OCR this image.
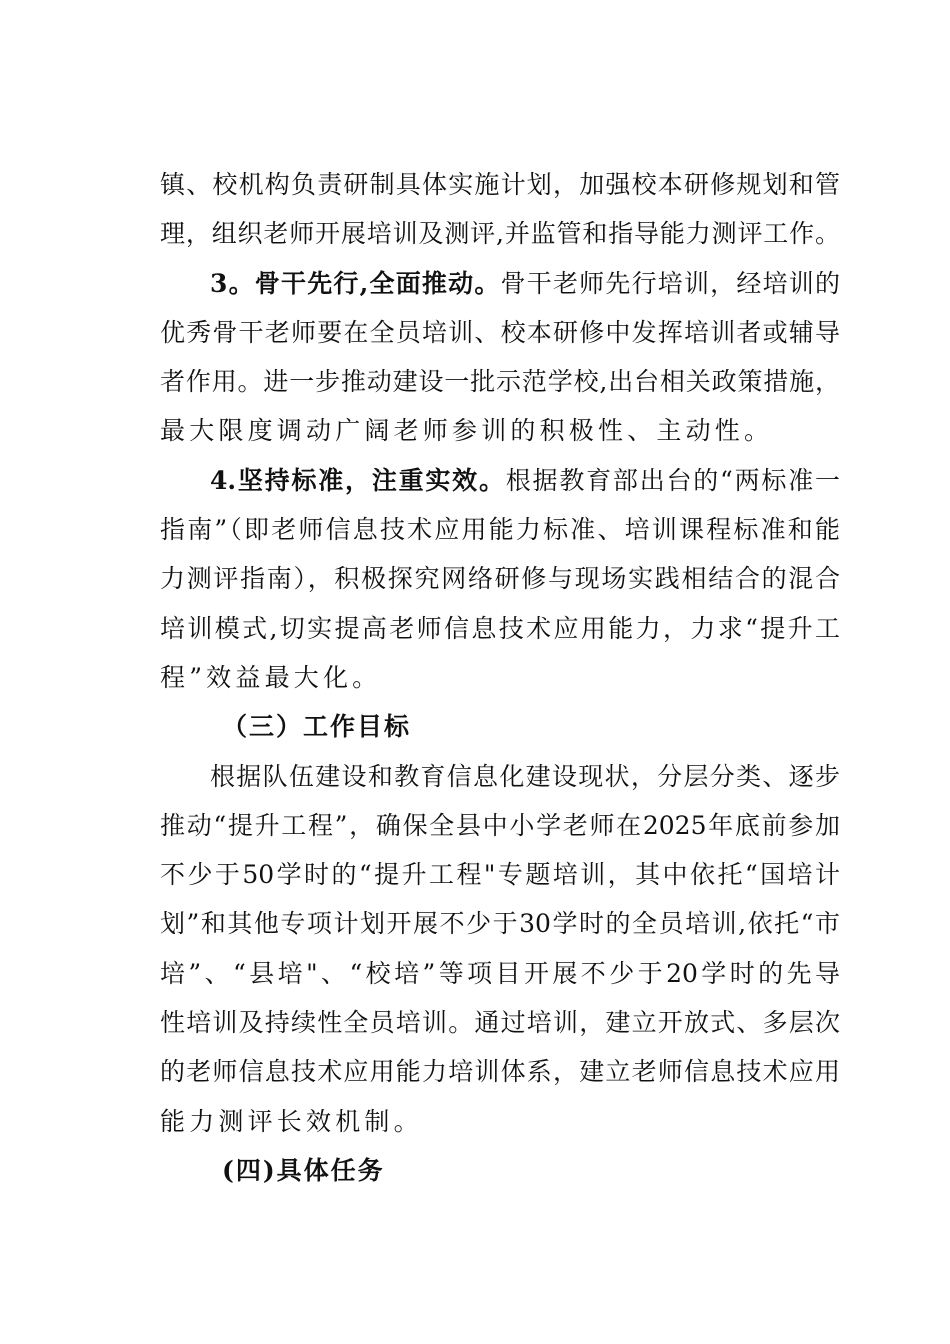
镇、校机构负责研制具体实施计划，加强校本研修规划和管
理，组织老师开展培训及测评,并监管和指导能力测评工作。
3。骨干先行,全面推动。骨干老师先行培训，经培训的
优秀骨干老师要在全员培训、校本研修中发挥培训者或辅导
者作用。进一步推动建设一批示范学校,出台相关政策措施，
最大限度调动广阔老师参训的积极性、主动性。
4.坚持标准，注重实效。根据教育部出台的“两标准一
指南”（即老师信息技术应用能力标准、培训课程标准和能
力测评指南），积极探究网络研修与现场实践相结合的混合
培训模式,切实提高老师信息技术应用能力，力求“提升工
程”效益最大化。
（三）工作目标
根据队伍建设和教育信息化建设现状，分层分类、逐步
推动“提升工程”，确保全县中小学老师在2025年底前参加
不少于50学时的“提升工程"专题培训，其中依托“国培计
划”和其他专项计划开展不少于30学时的全员培训,依托“市
培”、“县培"、“校培”等项目开展不少于20学时的先导
性培训及持续性全员培训。通过培训，建立开放式、多层次
的老师信息技术应用能力培训体系，建立老师信息技术应用
能力测评长效机制。
(四)具体任务
